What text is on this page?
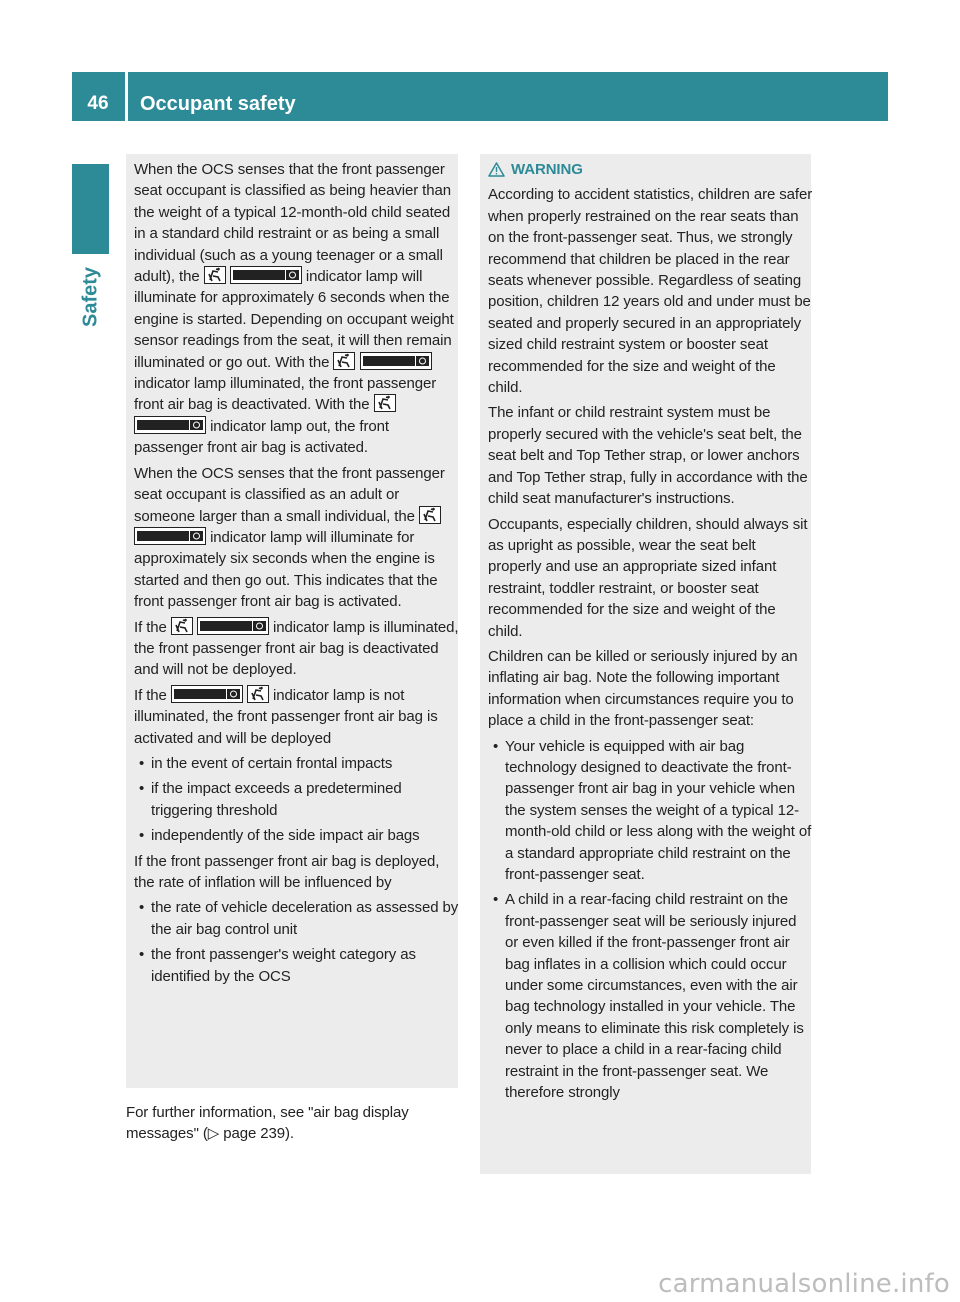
46	Occupant safety
Safety

When the OCS senses that the front passenger seat occupant is classified as being heavier than the weight of a typical 12-month-old child seated in a standard child restraint or as being a small individual (such as a young teenager or a small adult), the	indicator lamp will illuminate for approximately 6 seconds when the engine is started. Depending on occupant weight sensor readings from the seat, it will then remain illuminated or go out. With the   indicator lamp illuminated, the front passenger front air bag is deactivated. With the   indicator lamp out, the front passenger front air bag is activated.

When the OCS senses that the front passenger seat occupant is classified as an adult or someone larger than a small individual, the   indicator lamp will illuminate for approximately six seconds when the engine is started and then go out. This indicates that the front passenger front air bag is activated.

If the	indicator lamp is illuminated, the front passenger front air bag is deactivated and will not be deployed.

If the	indicator lamp is not illuminated, the front passenger front air bag is activated and will be deployed

• in the event of certain frontal impacts
• if the impact exceeds a predetermined triggering threshold
• independently of the side impact air bags

If the front passenger front air bag is deployed, the rate of inflation will be influenced by

• the rate of vehicle deceleration as assessed by the air bag control unit
• the front passenger's weight category as identified by the OCS

For further information, see "air bag display messages" (▷ page 239).

WARNING

According to accident statistics, children are safer when properly restrained on the rear seats than on the front-passenger seat. Thus, we strongly recommend that children be placed in the rear seats whenever possible. Regardless of seating position, children 12 years old and under must be seated and properly secured in an appropriately sized child restraint system or booster seat recommended for the size and weight of the child.

The infant or child restraint system must be properly secured with the vehicle's seat belt, the seat belt and Top Tether strap, or lower anchors and Top Tether strap, fully in accordance with the child seat manufacturer's instructions.

Occupants, especially children, should always sit as upright as possible, wear the seat belt properly and use an appropriate sized infant restraint, toddler restraint, or booster seat recommended for the size and weight of the child.

Children can be killed or seriously injured by an inflating air bag. Note the following important information when circumstances require you to place a child in the front-passenger seat:

• Your vehicle is equipped with air bag technology designed to deactivate the front-passenger front air bag in your vehicle when the system senses the weight of a typical 12-month-old child or less along with the weight of a standard appropriate child restraint on the front-passenger seat.
• A child in a rear-facing child restraint on the front-passenger seat will be seriously injured or even killed if the front-passenger front air bag inflates in a collision which could occur under some circumstances, even with the air bag technology installed in your vehicle. The only means to eliminate this risk completely is never to place a child in a rear-facing child restraint in the front-passenger seat. We therefore strongly
carmanualsonline.info
